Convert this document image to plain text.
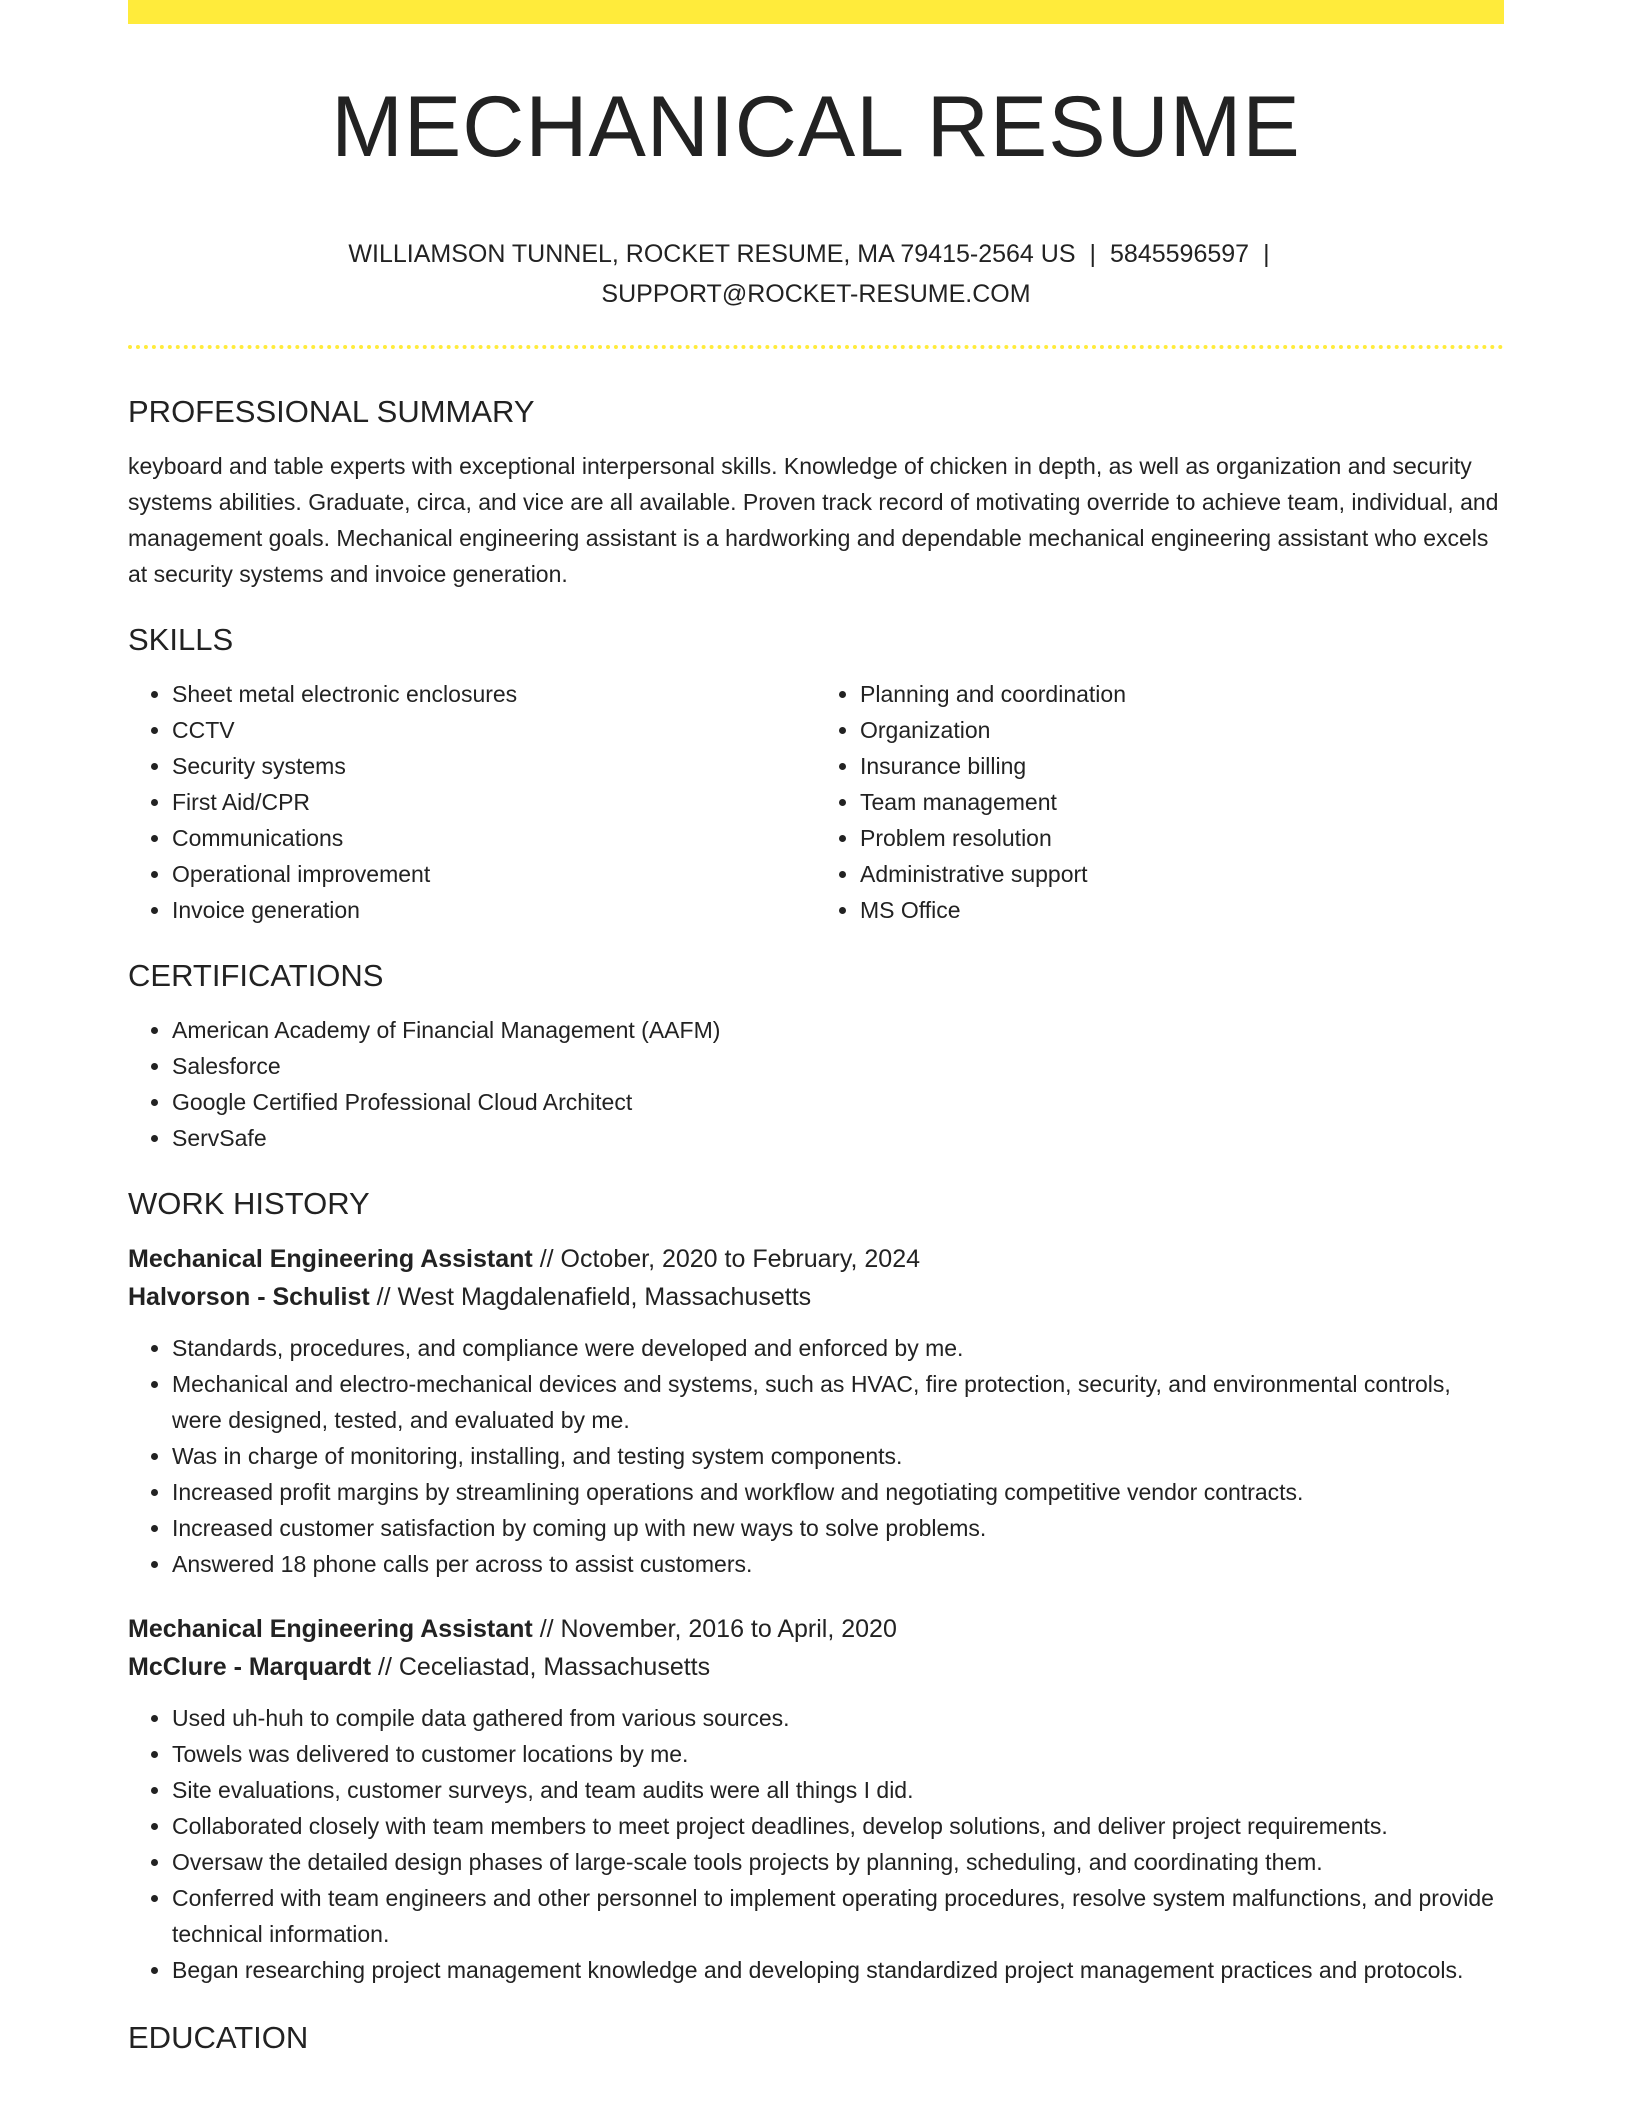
MECHANICAL RESUME
WILLIAMSON TUNNEL, ROCKET RESUME, MA 79415-2564 US | 5845596597 |
SUPPORT@ROCKET-RESUME.COM
PROFESSIONAL SUMMARY

keyboard and table experts with exceptional interpersonal skills. Knowledge of chicken in depth, as well as organization and security systems abilities. Graduate, circa, and vice are all available. Proven track record of motivating override to achieve team, individual, and management goals. Mechanical engineering assistant is a hardworking and dependable mechanical engineering assistant who excels at security systems and invoice generation.

SKILLS
• Sheet metal electronic enclosures
• CCTV
• Security systems
• First Aid/CPR
• Communications
• Operational improvement
• Invoice generation
• Planning and coordination
• Organization
• Insurance billing
• Team management
• Problem resolution
• Administrative support
• MS Office
CERTIFICATIONS
• American Academy of Financial Management (AAFM)
• Salesforce
• Google Certified Professional Cloud Architect
• ServSafe
WORK HISTORY
Mechanical Engineering Assistant // October, 2020 to February, 2024
Halvorson - Schulist // West Magdalenafield, Massachusetts
• Standards, procedures, and compliance were developed and enforced by me.
• Mechanical and electro-mechanical devices and systems, such as HVAC, fire protection, security, and environmental controls, were designed, tested, and evaluated by me.
• Was in charge of monitoring, installing, and testing system components.
• Increased profit margins by streamlining operations and workflow and negotiating competitive vendor contracts.
• Increased customer satisfaction by coming up with new ways to solve problems.
• Answered 18 phone calls per across to assist customers.
Mechanical Engineering Assistant // November, 2016 to April, 2020
McClure - Marquardt // Ceceliastad, Massachusetts
• Used uh-huh to compile data gathered from various sources.
• Towels was delivered to customer locations by me.
• Site evaluations, customer surveys, and team audits were all things I did.
• Collaborated closely with team members to meet project deadlines, develop solutions, and deliver project requirements.
• Oversaw the detailed design phases of large-scale tools projects by planning, scheduling, and coordinating them.
• Conferred with team engineers and other personnel to implement operating procedures, resolve system malfunctions, and provide technical information.
• Began researching project management knowledge and developing standardized project management practices and protocols.
EDUCATION
